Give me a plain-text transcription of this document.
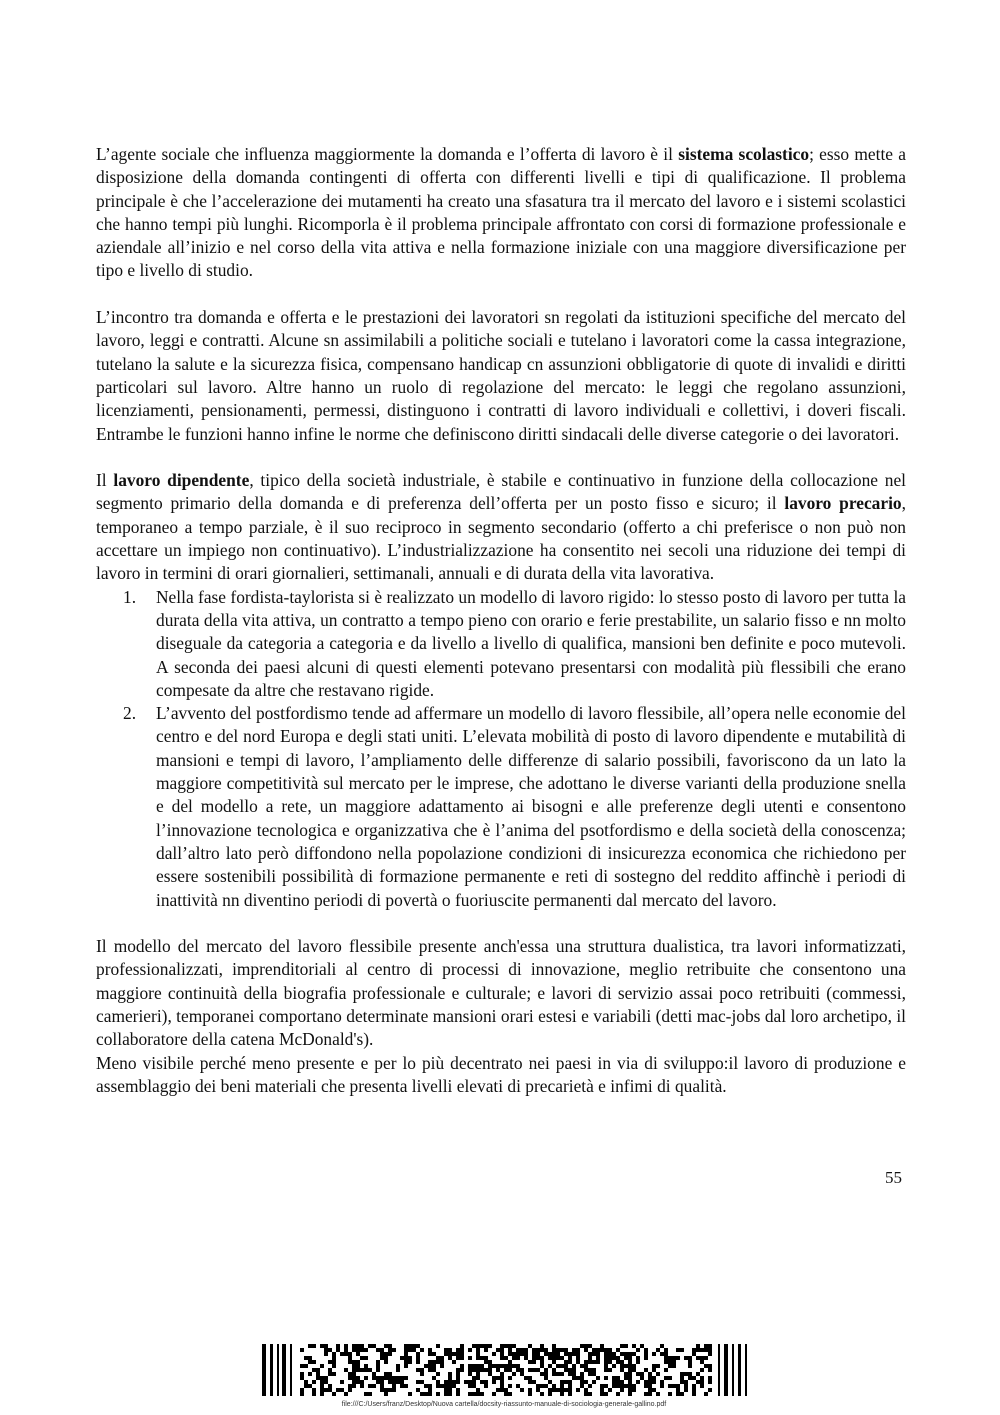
L’agente sociale che influenza maggiormente la domanda e l’offerta di lavoro è il sistema scolastico; esso mette a disposizione della domanda contingenti di offerta con differenti livelli e tipi di qualificazione. Il problema principale è che l’accelerazione dei mutamenti ha creato una sfasatura tra il mercato del lavoro e i sistemi scolastici che hanno tempi più lunghi. Ricomporla è il problema principale affrontato con corsi di formazione professionale e aziendale all’inizio e nel corso della vita attiva e nella formazione iniziale con una maggiore diversificazione per tipo e livello di studio.

L’incontro tra domanda e offerta e le prestazioni dei lavoratori sn regolati da istituzioni specifiche del mercato del lavoro, leggi e contratti. Alcune sn assimilabili a politiche sociali e tutelano i lavoratori come la cassa integrazione, tutelano la salute e la sicurezza fisica, compensano handicap cn assunzioni obbligatorie di quote di invalidi e diritti particolari sul lavoro. Altre hanno un ruolo di regolazione del mercato: le leggi che regolano assunzioni, licenziamenti, pensionamenti, permessi, distinguono i contratti di lavoro individuali e collettivi, i doveri fiscali. Entrambe le funzioni hanno infine le norme che definiscono diritti sindacali delle diverse categorie o dei lavoratori.

Il lavoro dipendente, tipico della società industriale, è stabile e continuativo in funzione della collocazione nel segmento primario della domanda e di preferenza dell’offerta per un posto fisso e sicuro; il lavoro precario, temporaneo a tempo parziale, è il suo reciproco in segmento secondario (offerto a chi preferisce o non può non accettare un impiego non continuativo). L’industrializzazione ha consentito nei secoli una riduzione dei tempi di lavoro in termini di orari giornalieri, settimanali, annuali e di durata della vita lavorativa.

1. Nella fase fordista-taylorista si è realizzato un modello di lavoro rigido: lo stesso posto di lavoro per tutta la durata della vita attiva, un contratto a tempo pieno con orario e ferie prestabilite, un salario fisso e nn molto diseguale da categoria a categoria e da livello a livello di qualifica, mansioni ben definite e poco mutevoli. A seconda dei paesi alcuni di questi elementi potevano presentarsi con modalità più flessibili che erano compesate da altre che restavano rigide.
2. L’avvento del postfordismo tende ad affermare un modello di lavoro flessibile, all’opera nelle economie del centro e del nord Europa e degli stati uniti. L’elevata mobilità di posto di lavoro dipendente e mutabilità di mansioni e tempi di lavoro, l’ampliamento delle differenze di salario possibili, favoriscono da un lato la maggiore competitività sul mercato per le imprese, che adottano le diverse varianti della produzione snella e del modello a rete, un maggiore adattamento ai bisogni e alle preferenze degli utenti e consentono l’innovazione tecnologica e organizzativa che è l’anima del psotfordismo e della società della conoscenza; dall’altro lato però diffondono nella popolazione condizioni di insicurezza economica che richiedono per essere sostenibili possibilità di formazione permanente e reti di sostegno del reddito affinchè i periodi di inattività nn diventino periodi di povertà o fuoriuscite permanenti dal mercato del lavoro.

Il modello del mercato del lavoro flessibile presente anch'essa una struttura dualistica, tra lavori informatizzati, professionalizzati, imprenditoriali al centro di processi di innovazione, meglio retribuite che consentono una maggiore continuità della biografia professionale e culturale; e lavori di servizio assai poco retribuiti (commessi, camerieri), temporanei comportano determinate mansioni orari estesi e variabili (detti mac-jobs dal loro archetipo, il collaboratore della catena McDonald's).

Meno visibile perché meno presente e per lo più decentrato nei paesi in via di sviluppo:il lavoro di produzione e assemblaggio dei beni materiali che presenta livelli elevati di precarietà e infimi di qualità.

55
file:///C:/Users/franz/Desktop/Nuova cartella/docsity-riassunto-manuale-di-sociologia-generale-gallino.pdf
